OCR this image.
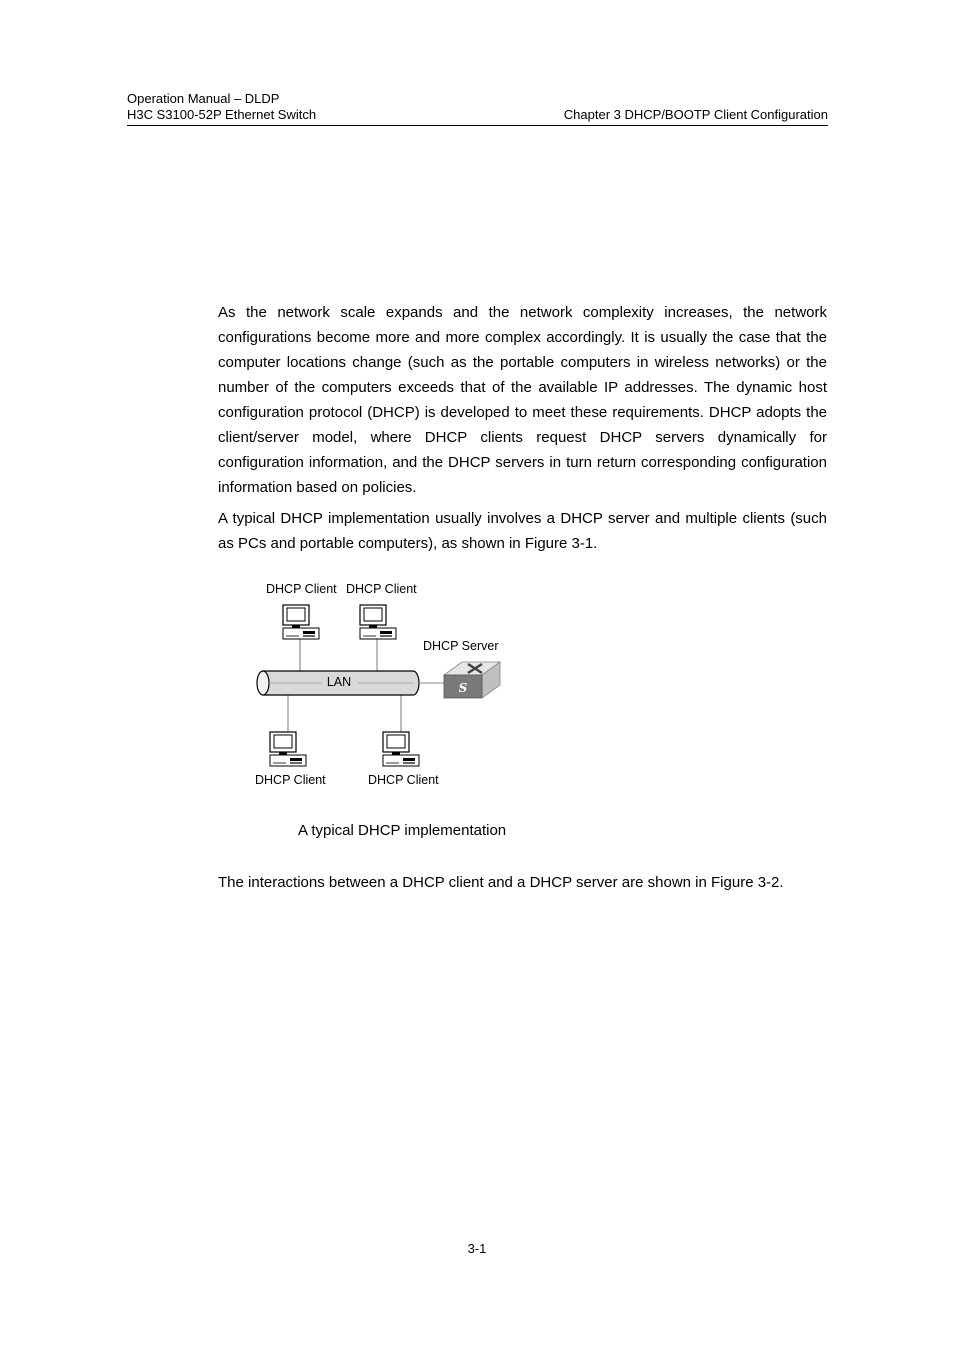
Operation Manual – DLDP
H3C S3100-52P Ethernet Switch	Chapter 3 DHCP/BOOTP Client Configuration

As the network scale expands and the network complexity increases, the network configurations become more and more complex accordingly. It is usually the case that the computer locations change (such as the portable computers in wireless networks) or the number of the computers exceeds that of the available IP addresses. The dynamic host configuration protocol (DHCP) is developed to meet these requirements. DHCP adopts the client/server model, where DHCP clients request DHCP servers dynamically for configuration information, and the DHCP servers in turn return corresponding configuration information based on policies.

A typical DHCP implementation usually involves a DHCP server and multiple clients (such as PCs and portable computers), as shown in Figure 3-1.

LAN	S
DHCP Client DHCP Client
DHCP Server
DHCP Client	DHCP Client
A typical DHCP implementation

The interactions between a DHCP client and a DHCP server are shown in Figure 3-2.

3-1
